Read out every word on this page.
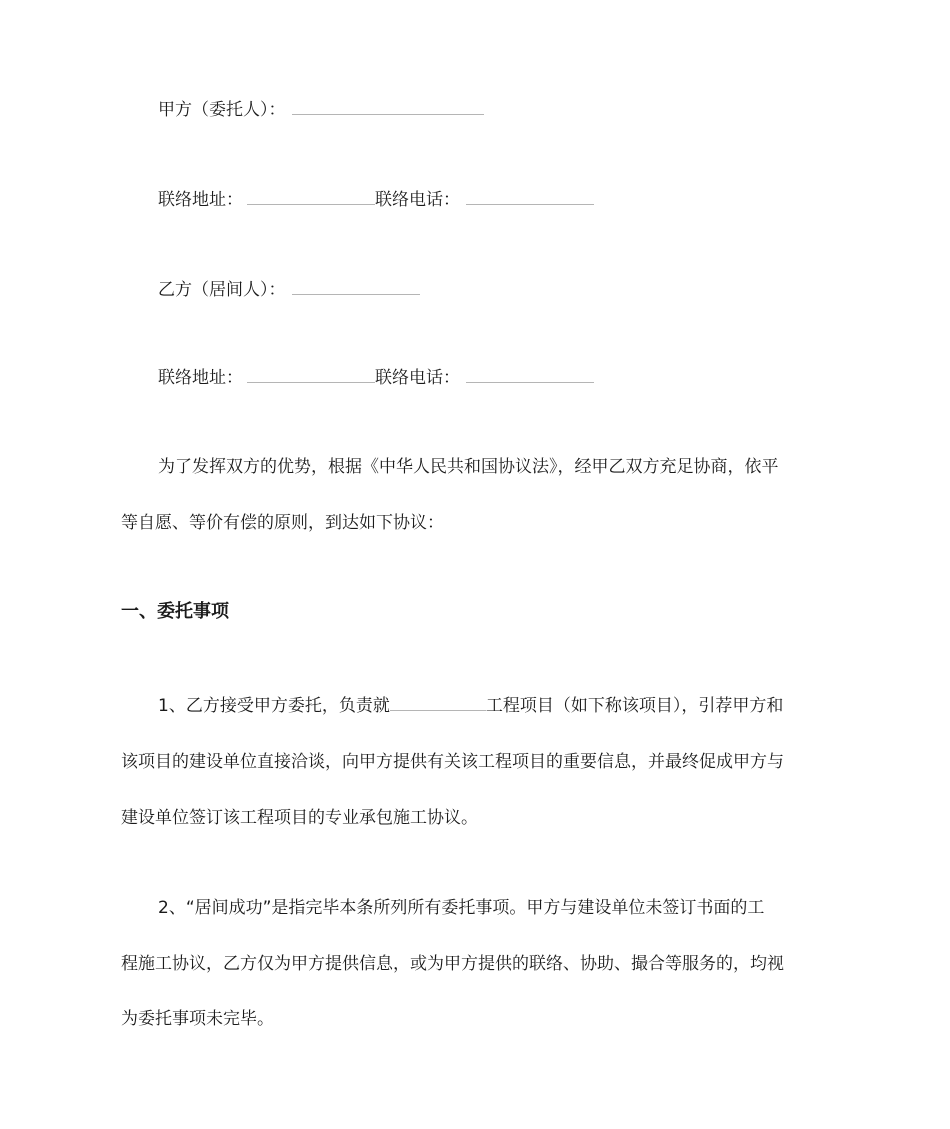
甲方（委托人）：
联络地址：	联络电话：
乙方（居间人）：
联络地址：	联络电话：
为了发挥双方的优势，根据《中华人民共和国协议法》，经甲乙双方充足协商，依平
等自愿、等价有偿的原则，到达如下协议：
一、委托事项
1、乙方接受甲方委托，负责就	工程项目（如下称该项目），引荐甲方和
该项目的建设单位直接洽谈，向甲方提供有关该工程项目的重要信息，并最终促成甲方与
建设单位签订该工程项目的专业承包施工协议。
2、“居间成功”是指完毕本条所列所有委托事项。甲方与建设单位未签订书面的工
程施工协议，乙方仅为甲方提供信息，或为甲方提供的联络、协助、撮合等服务的，均视
为委托事项未完毕。
